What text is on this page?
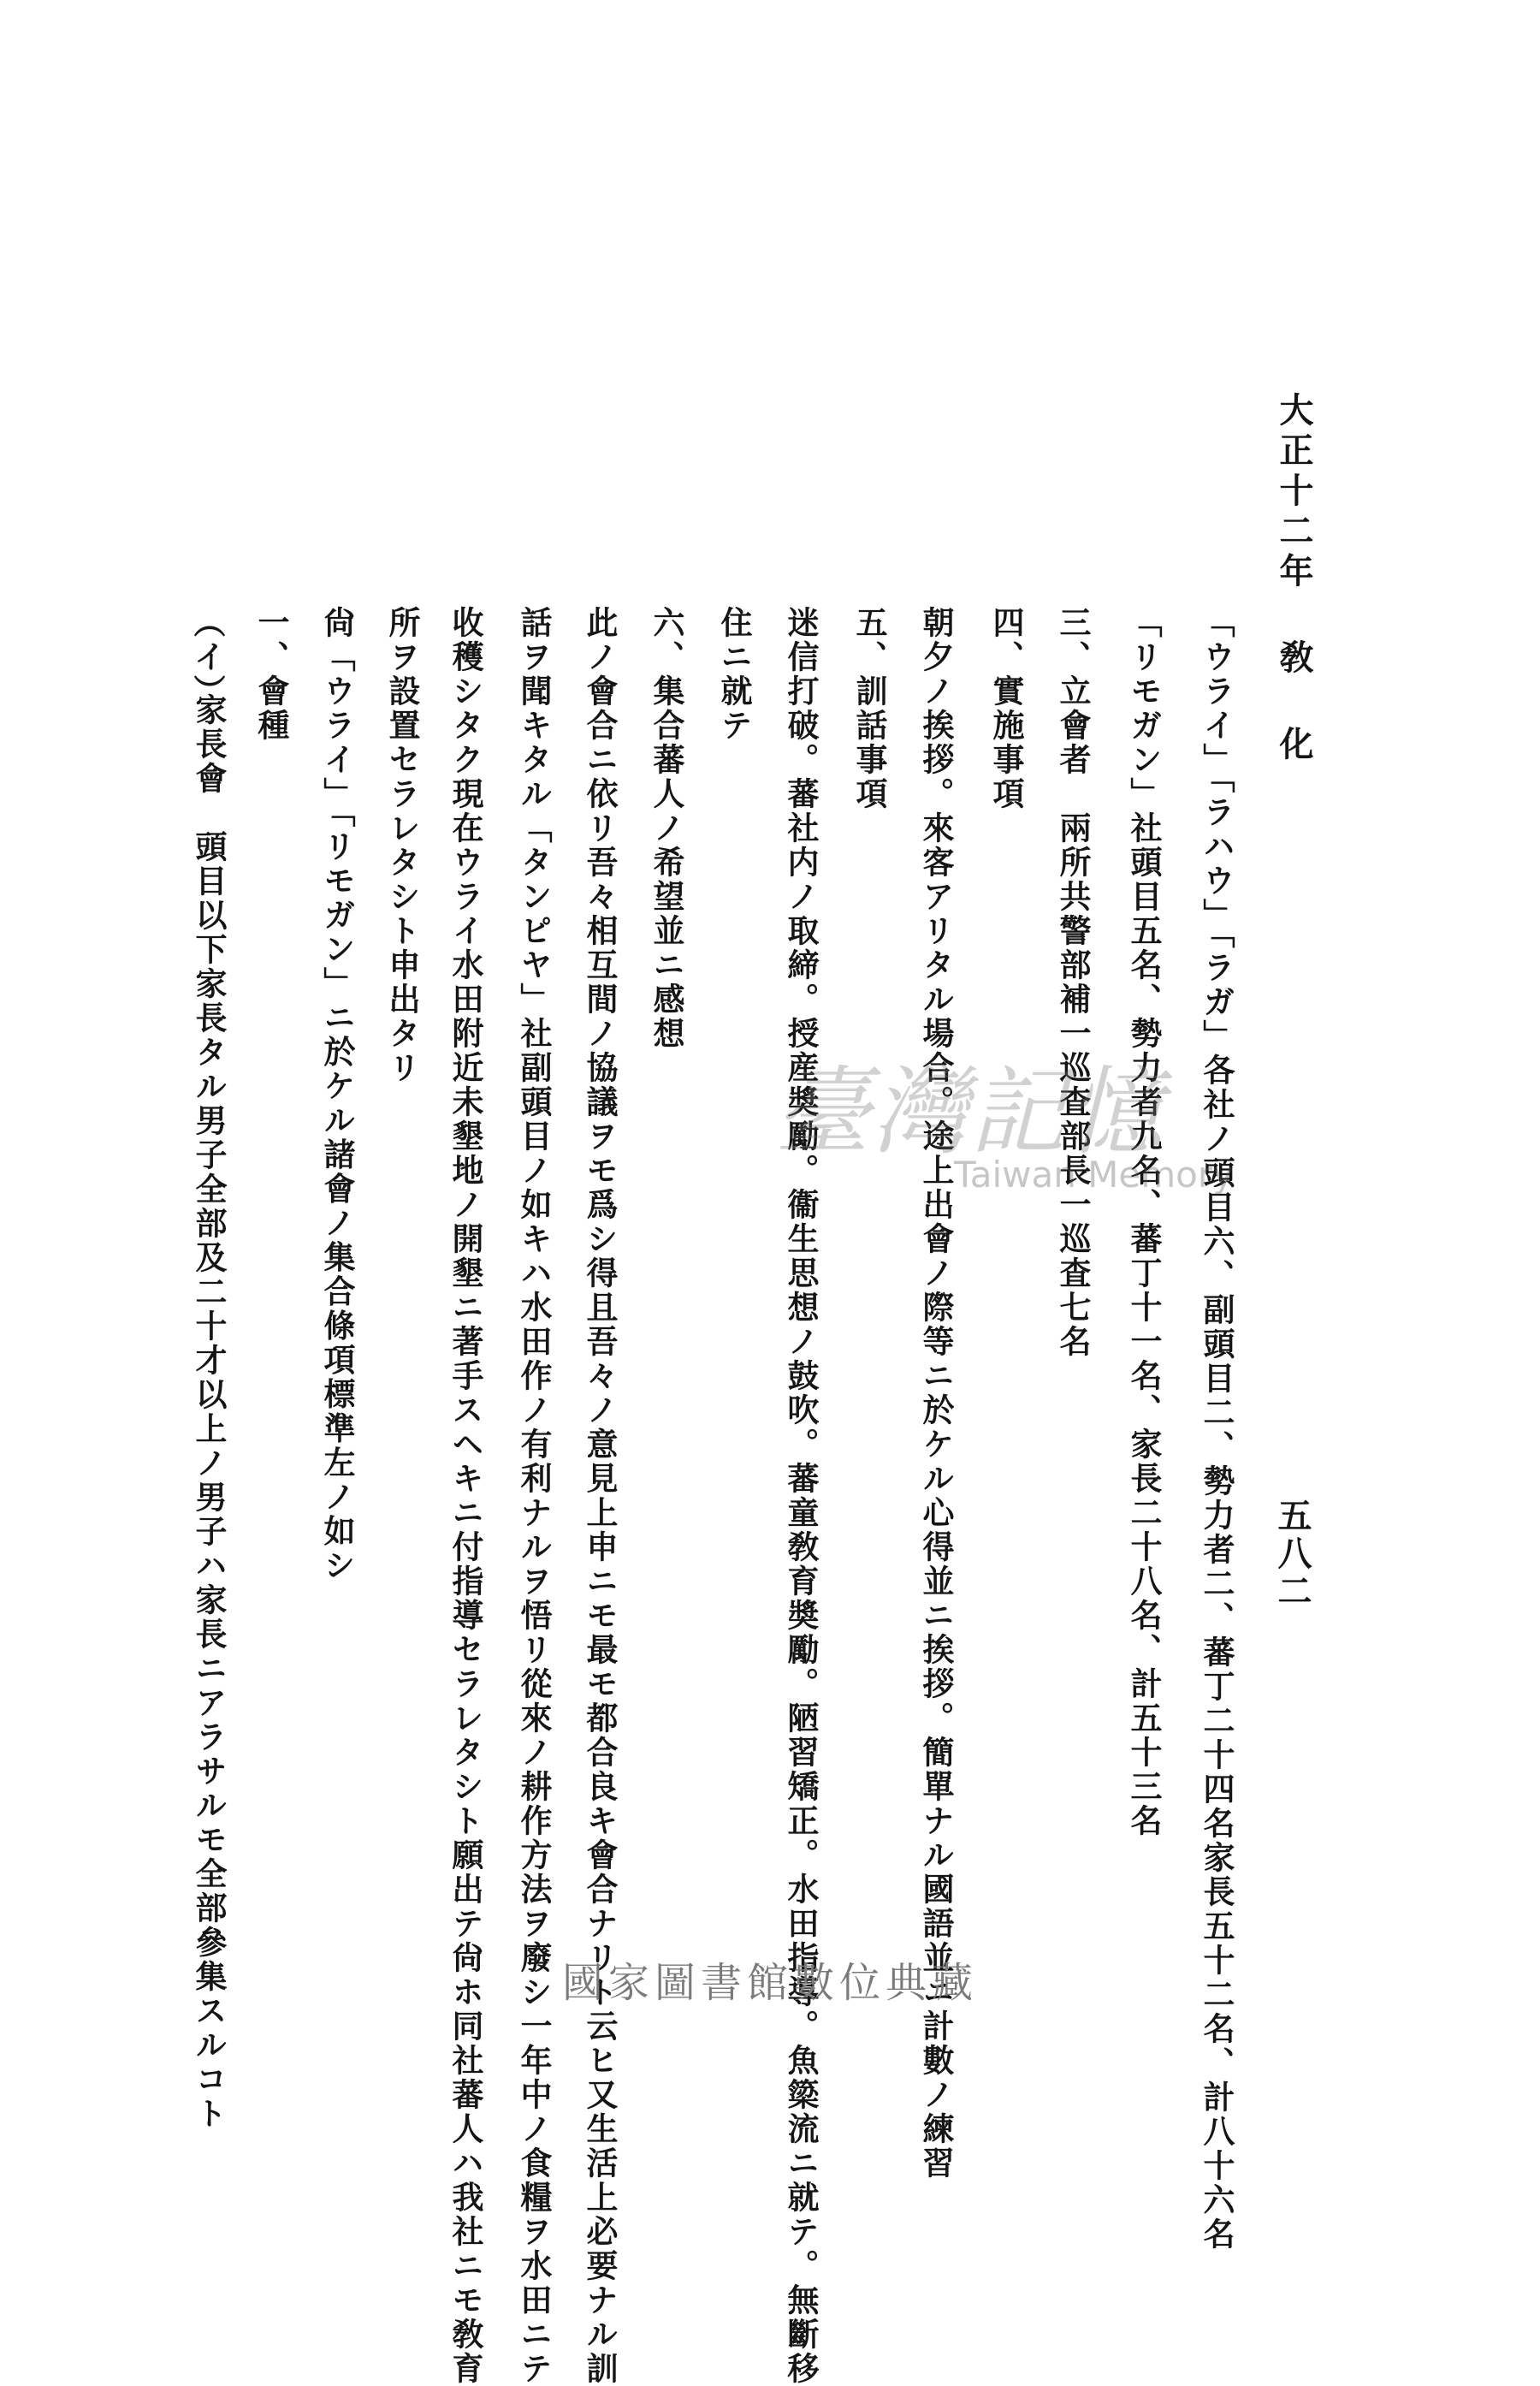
大正十二年 敎 化
五八二
「ウライ」「ラハウ」「ラガ」各社ノ頭目六、副頭目二、勢力者二、蕃丁二十四名家長五十二名、計八十六名
「リモガン」社頭目五名、勢力者九名、蕃丁十一名、家長二十八名、計五十三名
三、立會者　兩所共警部補一巡査部長一巡査七名
四、實施事項
朝夕ノ挨拶。來客アリタル場合。途上出會ノ際等ニ於ケル心得並ニ挨拶。簡單ナル國語並ニ計數ノ練習
五、訓話事項
迷信打破。蕃社内ノ取締。授産奬勵。衞生思想ノ鼓吹。蕃童敎育奬勵。陋習矯正。水田指導。魚簗流ニ就テ。無斷移
住ニ就テ
六、集合蕃人ノ希望並ニ感想
此ノ會合ニ依リ吾々相互間ノ協議ヲモ爲シ得且吾々ノ意見上申ニモ最モ都合良キ會合ナリト云ヒ又生活上必要ナル訓
話ヲ聞キタル「タンピヤ」社副頭目ノ如キハ水田作ノ有利ナルヲ悟リ從來ノ耕作方法ヲ廢シ一年中ノ食糧ヲ水田ニテ
收穫シタク現在ウライ水田附近未墾地ノ開墾ニ著手スヘキニ付指導セラレタシト願出テ尙ホ同社蕃人ハ我社ニモ敎育
所ヲ設置セラレタシト申出タリ
尙「ウライ」「リモガン」ニ於ケル諸會ノ集合條項標準左ノ如シ
一、會種
（イ）
家長會　頭目以下家長タル男子全部及二十才以上ノ男子ハ家長ニアラサルモ全部參集スルコト	臺灣記憶
Taiwan Memory
國家圖書館數位典藏
